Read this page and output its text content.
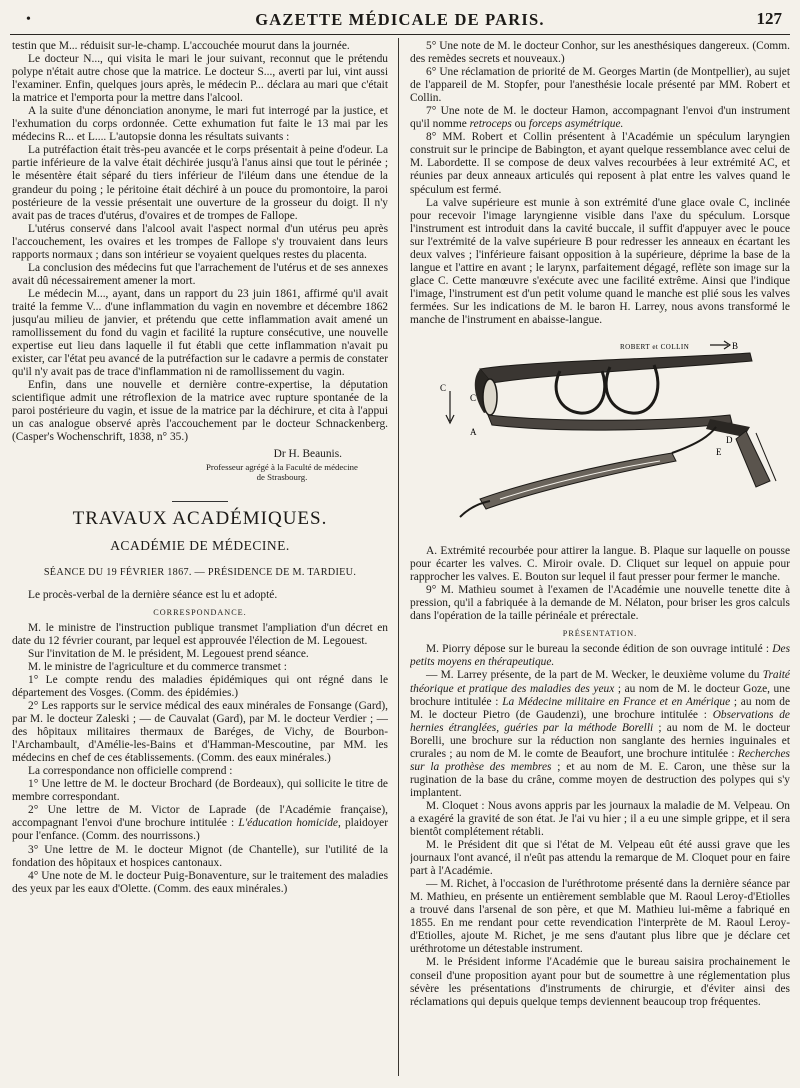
•	GAZETTE MÉDICALE DE PARIS.	127

testin que M... réduisit sur-le-champ. L'accouchée mourut dans la journée.

Le docteur N..., qui visita le mari le jour suivant, reconnut que le prétendu polype n'était autre chose que la matrice. Le docteur S..., averti par lui, vint aussi l'examiner. Enfin, quelques jours après, le médecin P... déclara au mari que c'était la matrice et l'emporta pour la mettre dans l'alcool.

A la suite d'une dénonciation anonyme, le mari fut interrogé par la justice, et l'exhumation du corps ordonnée. Cette exhumation fut faite le 13 mai par les médecins R... et L.... L'autopsie donna les résultats suivants :

La putréfaction était très-peu avancée et le corps présentait à peine d'odeur. La partie inférieure de la valve était déchirée jusqu'à l'anus ainsi que tout le périnée ; le mésentère était séparé du tiers inférieur de l'iléum dans une étendue de la grandeur du poing ; le péritoine était déchiré à un pouce du promontoire, la paroi postérieure de la vessie présentait une ouverture de la grosseur du doigt. Il n'y avait pas de traces d'utérus, d'ovaires et de trompes de Fallope.

L'utérus conservé dans l'alcool avait l'aspect normal d'un utérus peu après l'accouchement, les ovaires et les trompes de Fallope s'y trouvaient dans leurs rapports normaux ; dans son intérieur se voyaient quelques restes du placenta.

La conclusion des médecins fut que l'arrachement de l'utérus et de ses annexes avait dû nécessairement amener la mort.

Le médecin M..., ayant, dans un rapport du 23 juin 1861, affirmé qu'il avait traité la femme V... d'une inflammation du vagin en novembre et décembre 1862 jusqu'au milieu de janvier, et prétendu que cette inflammation avait amené un ramollissement du fond du vagin et facilité la rupture consécutive, une nouvelle expertise eut lieu dans laquelle il fut établi que cette inflammation n'avait pu exister, car l'état peu avancé de la putréfaction sur le cadavre a permis de constater qu'il n'y avait pas de trace d'inflammation ni de ramollissement du vagin.

Enfin, dans une nouvelle et dernière contre-expertise, la députation scientifique admit une rétroflexion de la matrice avec rupture spontanée de la paroi postérieure du vagin, et issue de la matrice par la déchirure, et cita à l'appui un cas analogue observé après l'accouchement par le docteur Schnackenberg. (Casper's Wochenschrift, 1838, n° 35.)

Dr H. Beaunis.
Professeur agrégé à la Faculté de médecine
de Strasbourg.
TRAVAUX ACADÉMIQUES.
ACADÉMIE DE MÉDECINE.
SÉANCE DU 19 FÉVRIER 1867. — PRÉSIDENCE DE M. TARDIEU.

Le procès-verbal de la dernière séance est lu et adopté.

CORRESPONDANCE.

M. le ministre de l'instruction publique transmet l'ampliation d'un décret en date du 12 février courant, par lequel est approuvée l'élection de M. Legouest.

Sur l'invitation de M. le président, M. Legouest prend séance.

M. le ministre de l'agriculture et du commerce transmet :

1° Le compte rendu des maladies épidémiques qui ont régné dans le département des Vosges. (Comm. des épidémies.)

2° Les rapports sur le service médical des eaux minérales de Fonsange (Gard), par M. le docteur Zaleski ; — de Cauvalat (Gard), par M. le docteur Verdier ; — des hôpitaux militaires thermaux de Baréges, de Vichy, de Bourbon-l'Archambault, d'Amélie-les-Bains et d'Hamman-Mescoutine, par MM. les médecins en chef de ces établissements. (Comm. des eaux minérales.)

La correspondance non officielle comprend :

1° Une lettre de M. le docteur Brochard (de Bordeaux), qui sollicite le titre de membre correspondant.

2° Une lettre de M. Victor de Laprade (de l'Académie française), accompagnant l'envoi d'une brochure intitulée : L'éducation homicide, plaidoyer pour l'enfance. (Comm. des nourrissons.)

3° Une lettre de M. le docteur Mignot (de Chantelle), sur l'utilité de la fondation des hôpitaux et hospices cantonaux.

4° Une note de M. le docteur Puig-Bonaventure, sur le traitement des maladies des yeux par les eaux d'Olette. (Comm. des eaux minérales.)

5° Une note de M. le docteur Conhor, sur les anesthésiques dangereux. (Comm. des remèdes secrets et nouveaux.)

6° Une réclamation de priorité de M. Georges Martin (de Montpellier), au sujet de l'appareil de M. Stopfer, pour l'anesthésie locale présenté par MM. Robert et Collin.

7° Une note de M. le docteur Hamon, accompagnant l'envoi d'un instrument qu'il nomme retroceps ou forceps asymétrique.

8° MM. Robert et Collin présentent à l'Académie un spéculum laryngien construit sur le principe de Babington, et ayant quelque ressemblance avec celui de M. Labordette. Il se compose de deux valves recourbées à leur extrémité AC, et réunies par deux anneaux articulés qui reposent à plat entre les valves quand le spéculum est fermé.

La valve supérieure est munie à son extrémité d'une glace ovale C, inclinée pour recevoir l'image laryngienne visible dans l'axe du spéculum. Lorsque l'instrument est introduit dans la cavité buccale, il suffit d'appuyer avec le pouce sur l'extrémité de la valve supérieure B pour redresser les anneaux en écartant les deux valves ; l'inférieure faisant opposition à la supérieure, déprime la base de la langue et l'attire en avant ; le larynx, parfaitement dégagé, reflète son image sur la glace C. Cette manœuvre s'exécute avec une facilité extrême. Ainsi que l'indique l'image, l'instrument est d'un petit volume quand le manche est plié sous les valves fermées. Sur les indications de M. le baron H. Larrey, nous avons transformé le manche de l'instrument en abaisse-langue.

ROBERT et COLLIN	B
C
C
A
D
E

A. Extrémité recourbée pour attirer la langue. B. Plaque sur laquelle on pousse pour écarter les valves. C. Miroir ovale. D. Cliquet sur lequel on appuie pour rapprocher les valves. E. Bouton sur lequel il faut presser pour fermer le manche.

9° M. Mathieu soumet à l'examen de l'Académie une nouvelle tenette dite à pression, qu'il a fabriquée à la demande de M. Nélaton, pour briser les gros calculs dans l'opération de la taille périnéale et prérectale.

PRÉSENTATION.

M. Piorry dépose sur le bureau la seconde édition de son ouvrage intitulé : Des petits moyens en thérapeutique.

— M. Larrey présente, de la part de M. Wecker, le deuxième volume du Traité théorique et pratique des maladies des yeux ; au nom de M. le docteur Goze, une brochure intitulée : La Médecine militaire en France et en Amérique ; au nom de M. le docteur Pietro (de Gaudenzi), une brochure intitulée : Observations de hernies étranglées, guéries par la méthode Borelli ; au nom de M. le docteur Borelli, une brochure sur la réduction non sanglante des hernies inguinales et crurales ; au nom de M. le comte de Beaufort, une brochure intitulée : Recherches sur la prothèse des membres ; et au nom de M. E. Caron, une thèse sur la rugination de la base du crâne, comme moyen de destruction des polypes qui s'y implantent.

M. Cloquet : Nous avons appris par les journaux la maladie de M. Velpeau. On a exagéré la gravité de son état. Je l'ai vu hier ; il a eu une simple grippe, et il sera bientôt complétement rétabli.

M. le Président dit que si l'état de M. Velpeau eût été aussi grave que les journaux l'ont avancé, il n'eût pas attendu la remarque de M. Cloquet pour en faire part à l'Académie.

— M. Richet, à l'occasion de l'uréthrotome présenté dans la dernière séance par M. Mathieu, en présente un entièrement semblable que M. Raoul Leroy-d'Etiolles a trouvé dans l'arsenal de son père, et que M. Mathieu lui-même a fabriqué en 1855. En me rendant pour cette revendication l'interprète de M. Raoul Leroy-d'Etiolles, ajoute M. Richet, je me sens d'autant plus libre que je déclare cet uréthrotome un détestable instrument.

M. le Président informe l'Académie que le bureau saisira prochainement le conseil d'une proposition ayant pour but de soumettre à une réglementation plus sévère les présentations d'instruments de chirurgie, et d'éviter ainsi des réclamations qui depuis quelque temps deviennent beaucoup trop fréquentes.
